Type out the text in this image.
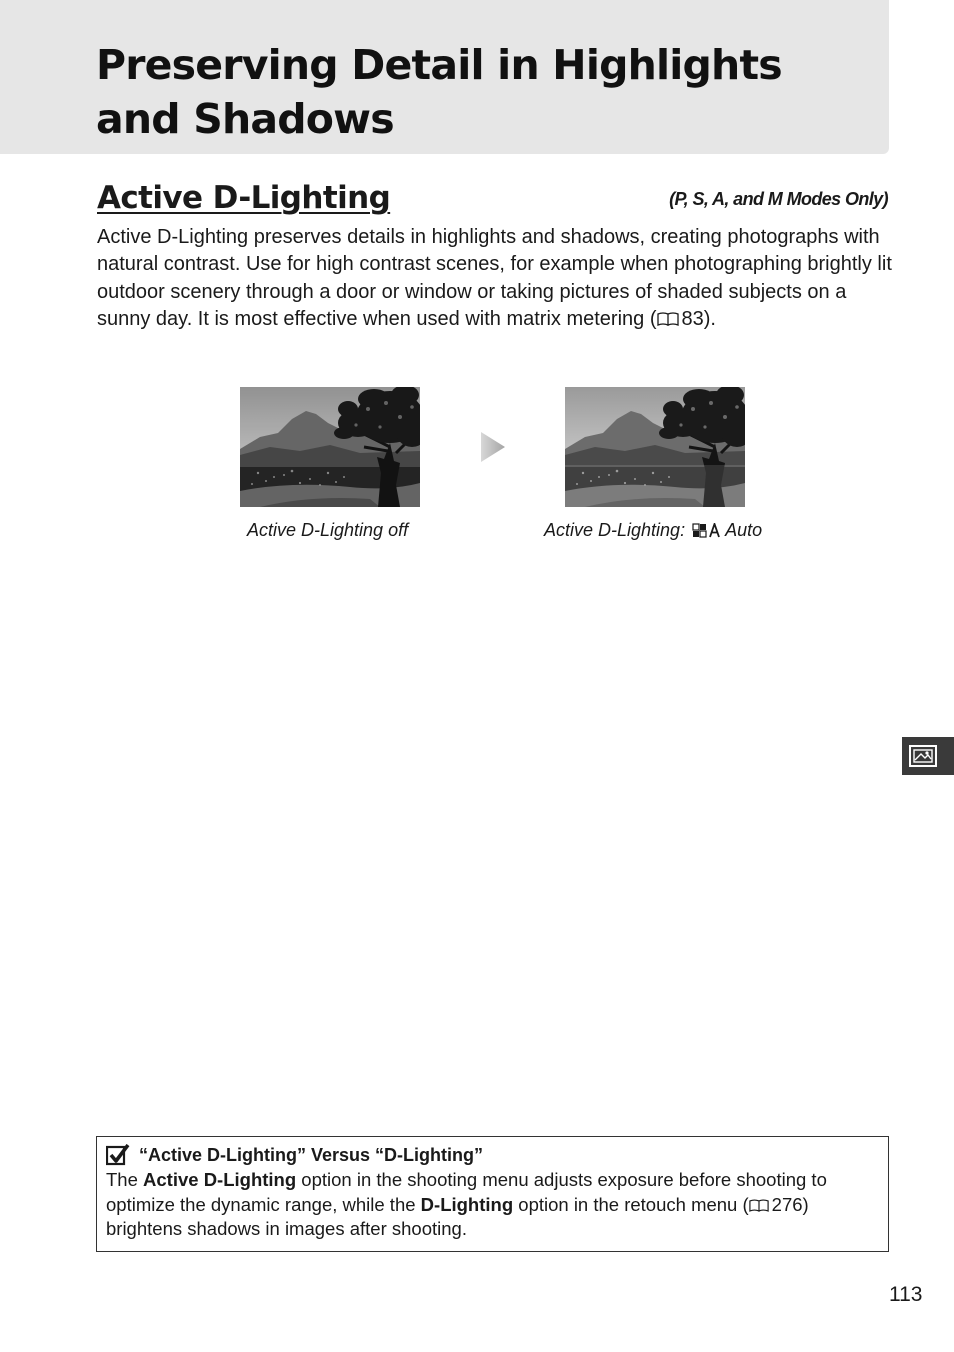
Preserving Detail in Highlights and Shadows
Active D-Lighting	(P, S, A, and M Modes Only)

Active D-Lighting preserves details in highlights and shadows, creating photographs with natural contrast. Use for high contrast scenes, for example when photographing brightly lit outdoor scenery through a door or window or taking pictures of shaded subjects on a sunny day. It is most effective when used with matrix metering ( 83).

Active D-Lighting off	Active D-Lighting: Auto
“Active D-Lighting” Versus “D-Lighting”

The Active D-Lighting option in the shooting menu adjusts exposure before shooting to optimize the dynamic range, while the D-Lighting option in the retouch menu ( 276) brightens shadows in images after shooting.

113
